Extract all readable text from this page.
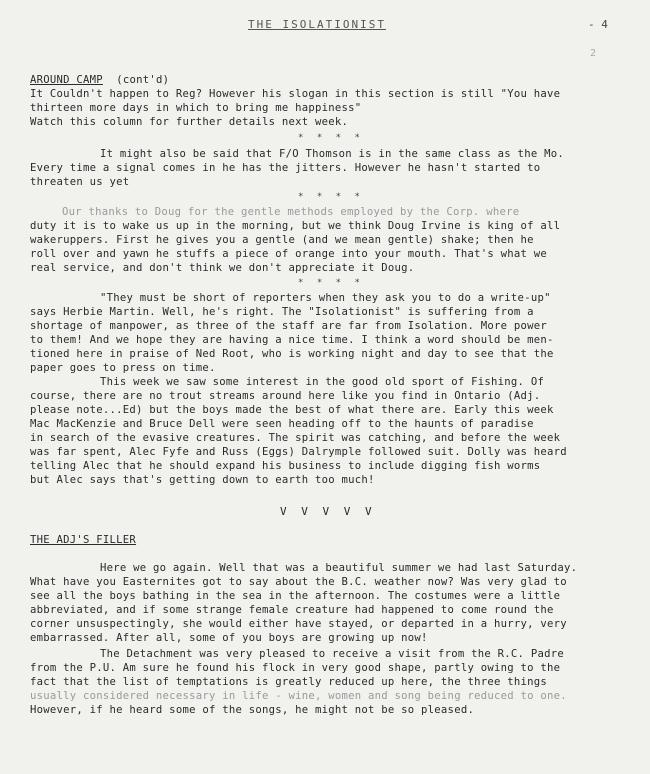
THE ISOLATIONIST	- 4
2
AROUND CAMP (cont'd)
It Couldn't happen to Reg? However his slogan in this section is still "You have
thirteen more days in which to bring me happiness"
Watch this column for further details next week.
* * * *
It might also be said that F/O Thomson is in the same class as the Mo.
Every time a signal comes in he has the jitters. However he hasn't started to
threaten us yet
* * * *
Our thanks to Doug for the gentle methods employed by the Corp. where
duty it is to wake us up in the morning, but we think Doug Irvine is king of all
wakeruppers. First he gives you a gentle (and we mean gentle) shake; then he
roll over and yawn he stuffs a piece of orange into your mouth. That's what we
real service, and don't think we don't appreciate it Doug.
* * * *
"They must be short of reporters when they ask you to do a write-up"
says Herbie Martin. Well, he's right. The "Isolationist" is suffering from a
shortage of manpower, as three of the staff are far from Isolation. More power
to them! And we hope they are having a nice time. I think a word should be men-
tioned here in praise of Ned Root, who is working night and day to see that the
paper goes to press on time.
This week we saw some interest in the good old sport of Fishing. Of
course, there are no trout streams around here like you find in Ontario (Adj.
please note...Ed) but the boys made the best of what there are. Early this week
Mac MacKenzie and Bruce Dell were seen heading off to the haunts of paradise
in search of the evasive creatures. The spirit was catching, and before the week
was far spent, Alec Fyfe and Russ (Eggs) Dalrymple followed suit. Dolly was heard
telling Alec that he should expand his business to include digging fish worms
but Alec says that's getting down to earth too much!
V V V V V
THE ADJ'S FILLER
Here we go again. Well that was a beautiful summer we had last Saturday.
What have you Easternites got to say about the B.C. weather now? Was very glad to
see all the boys bathing in the sea in the afternoon. The costumes were a little
abbreviated, and if some strange female creature had happened to come round the
corner unsuspectingly, she would either have stayed, or departed in a hurry, very
embarrassed. After all, some of you boys are growing up now!
The Detachment was very pleased to receive a visit from the R.C. Padre
from the P.U. Am sure he found his flock in very good shape, partly owing to the
fact that the list of temptations is greatly reduced up here, the three things
usually considered necessary in life - wine, women and song being reduced to one.
However, if he heard some of the songs, he might not be so pleased.
